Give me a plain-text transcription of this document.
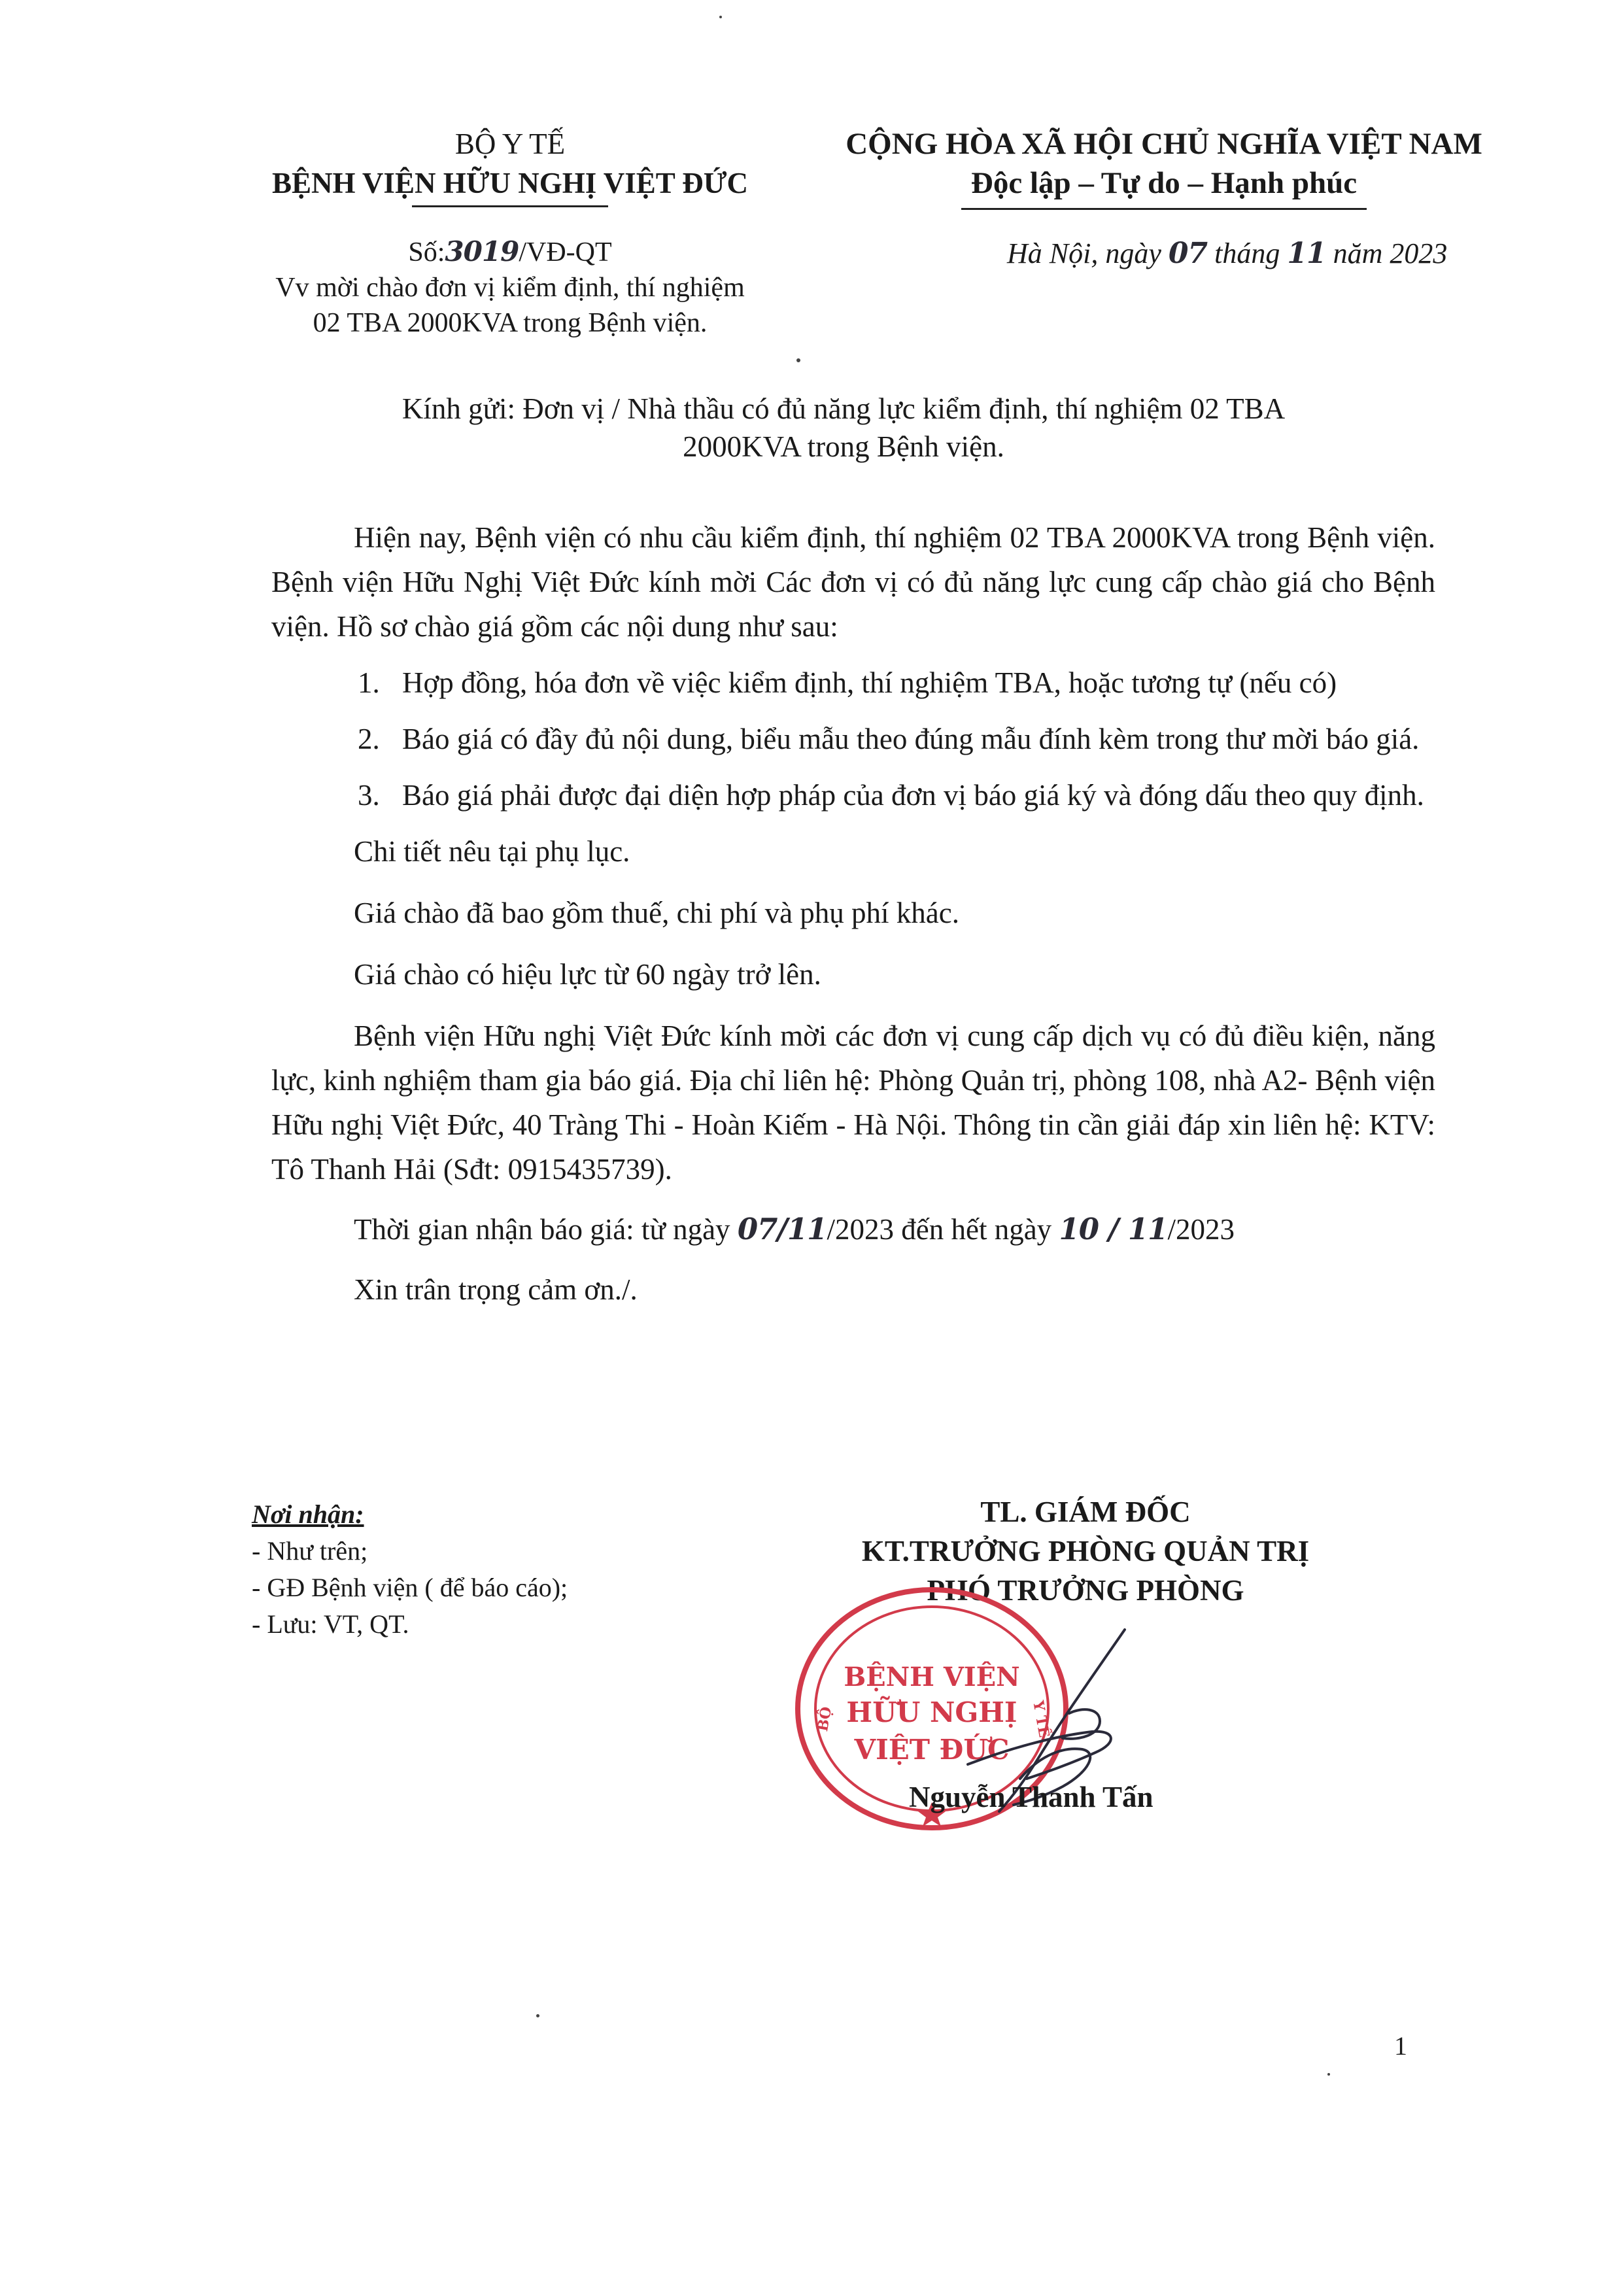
BỘ Y TẾ
BỆNH VIỆN HỮU NGHỊ VIỆT ĐỨC
CỘNG HÒA XÃ HỘI CHỦ NGHĨA VIỆT NAM
Độc lập – Tự do – Hạnh phúc
Số:3019/VĐ-QT
Vv mời chào đơn vị kiểm định, thí nghiệm
02 TBA 2000KVA trong Bệnh viện.
Hà Nội, ngày 07 tháng 11 năm 2023
Kính gửi: Đơn vị / Nhà thầu có đủ năng lực kiểm định, thí nghiệm 02 TBA
2000KVA trong Bệnh viện.
Hiện nay, Bệnh viện có nhu cầu kiểm định, thí nghiệm 02 TBA 2000KVA trong Bệnh viện. Bệnh viện Hữu Nghị Việt Đức kính mời Các đơn vị có đủ năng lực cung cấp chào giá cho Bệnh viện. Hồ sơ chào giá gồm các nội dung như sau:
1. Hợp đồng, hóa đơn về việc kiểm định, thí nghiệm TBA, hoặc tương tự (nếu có)
2. Báo giá có đầy đủ nội dung, biểu mẫu theo đúng mẫu đính kèm trong thư mời báo giá.
3. Báo giá phải được đại diện hợp pháp của đơn vị báo giá ký và đóng dấu theo quy định.
Chi tiết nêu tại phụ lục.
Giá chào đã bao gồm thuế, chi phí và phụ phí khác.
Giá chào có hiệu lực từ 60 ngày trở lên.
Bệnh viện Hữu nghị Việt Đức kính mời các đơn vị cung cấp dịch vụ có đủ điều kiện, năng lực, kinh nghiệm tham gia báo giá. Địa chỉ liên hệ: Phòng Quản trị, phòng 108, nhà A2- Bệnh viện Hữu nghị Việt Đức, 40 Tràng Thi - Hoàn Kiếm - Hà Nội. Thông tin cần giải đáp xin liên hệ: KTV: Tô Thanh Hải (Sđt: 0915435739).
Thời gian nhận báo giá: từ ngày 07/11/2023 đến hết ngày 10 / 11/2023
Xin trân trọng cảm ơn./.
Nơi nhận:
- Như trên;
- GĐ Bệnh viện ( để báo cáo);
- Lưu: VT, QT.
TL. GIÁM ĐỐC
KT.TRƯỞNG PHÒNG QUẢN TRỊ
PHÓ TRƯỞNG PHÒNG
BỆNH VIỆN
HỮU NGHỊ
VIỆT ĐỨC
BỘ	Y TẾ
Nguyễn Thanh Tấn
1
